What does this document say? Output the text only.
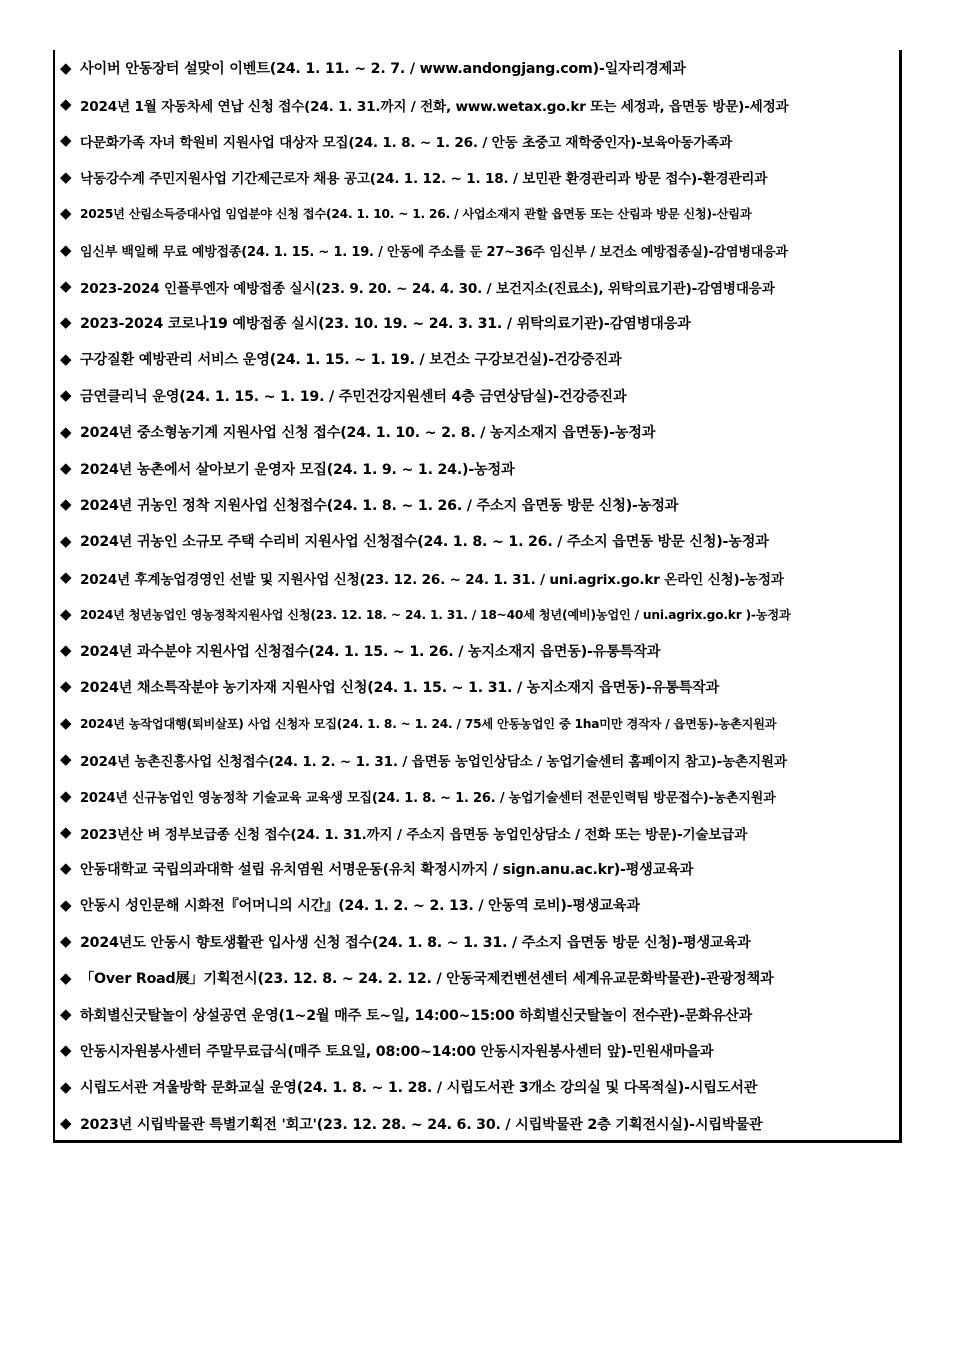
◆ 사이버 안동장터 설맞이 이벤트(24. 1. 11. ~ 2. 7. / www.andongjang.com)-일자리경제과
◆ 2024년 1월 자동차세 연납 신청 접수(24. 1. 31.까지 / 전화, www.wetax.go.kr 또는 세정과, 읍면동 방문)-세정과
◆ 다문화가족 자녀 학원비 지원사업 대상자 모집(24. 1. 8. ~ 1. 26. / 안동 초중고 재학중인자)-보육아동가족과
◆ 낙동강수계 주민지원사업 기간제근로자 채용 공고(24. 1. 12. ~ 1. 18. / 보민관 환경관리과 방문 접수)-환경관리과
◆ 2025년 산림소득증대사업 임업분야 신청 접수(24. 1. 10. ~ 1. 26. / 사업소재지 관할 읍면동 또는 산림과 방문 신청)-산림과
◆ 임신부 백일해 무료 예방접종(24. 1. 15. ~ 1. 19. / 안동에 주소를 둔 27~36주 임신부 / 보건소 예방접종실)-감염병대응과
◆ 2023-2024 인플루엔자 예방접종 실시(23. 9. 20. ~ 24. 4. 30. / 보건지소(진료소), 위탁의료기관)-감염병대응과
◆ 2023-2024 코로나19 예방접종 실시(23. 10. 19. ~ 24. 3. 31. / 위탁의료기관)-감염병대응과
◆ 구강질환 예방관리 서비스 운영(24. 1. 15. ~ 1. 19. / 보건소 구강보건실)-건강증진과
◆ 금연클리닉 운영(24. 1. 15. ~ 1. 19. / 주민건강지원센터 4층 금연상담실)-건강증진과
◆ 2024년 중소형농기계 지원사업 신청 접수(24. 1. 10. ~ 2. 8. / 농지소재지 읍면동)-농정과
◆ 2024년 농촌에서 살아보기 운영자 모집(24. 1. 9. ~ 1. 24.)-농정과
◆ 2024년 귀농인 정착 지원사업 신청접수(24. 1. 8. ~ 1. 26. / 주소지 읍면동 방문 신청)-농정과
◆ 2024년 귀농인 소규모 주택 수리비 지원사업 신청접수(24. 1. 8. ~ 1. 26. / 주소지 읍면동 방문 신청)-농정과
◆ 2024년 후계농업경영인 선발 및 지원사업 신청(23. 12. 26. ~ 24. 1. 31. / uni.agrix.go.kr 온라인 신청)-농정과
◆ 2024년 청년농업인 영농정착지원사업 신청(23. 12. 18. ~ 24. 1. 31. / 18~40세 청년(예비)농업인 / uni.agrix.go.kr )-농정과
◆ 2024년 과수분야 지원사업 신청접수(24. 1. 15. ~ 1. 26. / 농지소재지 읍면동)-유통특작과
◆ 2024년 채소특작분야 농기자재 지원사업 신청(24. 1. 15. ~ 1. 31. / 농지소재지 읍면동)-유통특작과
◆ 2024년 농작업대행(퇴비살포) 사업 신청자 모집(24. 1. 8. ~ 1. 24. / 75세 안동농업인 중 1ha미만 경작자 / 읍면동)-농촌지원과
◆ 2024년 농촌진흥사업 신청접수(24. 1. 2. ~ 1. 31. / 읍면동 농업인상담소 / 농업기술센터 홈페이지 참고)-농촌지원과
◆ 2024년 신규농업인 영농정착 기술교육 교육생 모집(24. 1. 8. ~ 1. 26. / 농업기술센터 전문인력팀 방문접수)-농촌지원과
◆ 2023년산 벼 정부보급종 신청 접수(24. 1. 31.까지 / 주소지 읍면동 농업인상담소 / 전화 또는 방문)-기술보급과
◆ 안동대학교 국립의과대학 설립 유치염원 서명운동(유치 확정시까지 / sign.anu.ac.kr)-평생교육과
◆ 안동시 성인문해 시화전『어머니의 시간』(24. 1. 2. ~ 2. 13. / 안동역 로비)-평생교육과
◆ 2024년도 안동시 향토생활관 입사생 신청 접수(24. 1. 8. ~ 1. 31. / 주소지 읍면동 방문 신청)-평생교육과
◆ 「Over Road展」기획전시(23. 12. 8. ~ 24. 2. 12. / 안동국제컨벤션센터 세계유교문화박물관)-관광정책과
◆ 하회별신굿탈놀이 상설공연 운영(1~2월 매주 토~일, 14:00~15:00 하회별신굿탈놀이 전수관)-문화유산과
◆ 안동시자원봉사센터 주말무료급식(매주 토요일, 08:00~14:00 안동시자원봉사센터 앞)-민원새마을과
◆ 시립도서관 겨울방학 문화교실 운영(24. 1. 8. ~ 1. 28. / 시립도서관 3개소 강의실 및 다목적실)-시립도서관
◆ 2023년 시립박물관 특별기획전 '회고'(23. 12. 28. ~ 24. 6. 30. / 시립박물관 2층 기획전시실)-시립박물관
